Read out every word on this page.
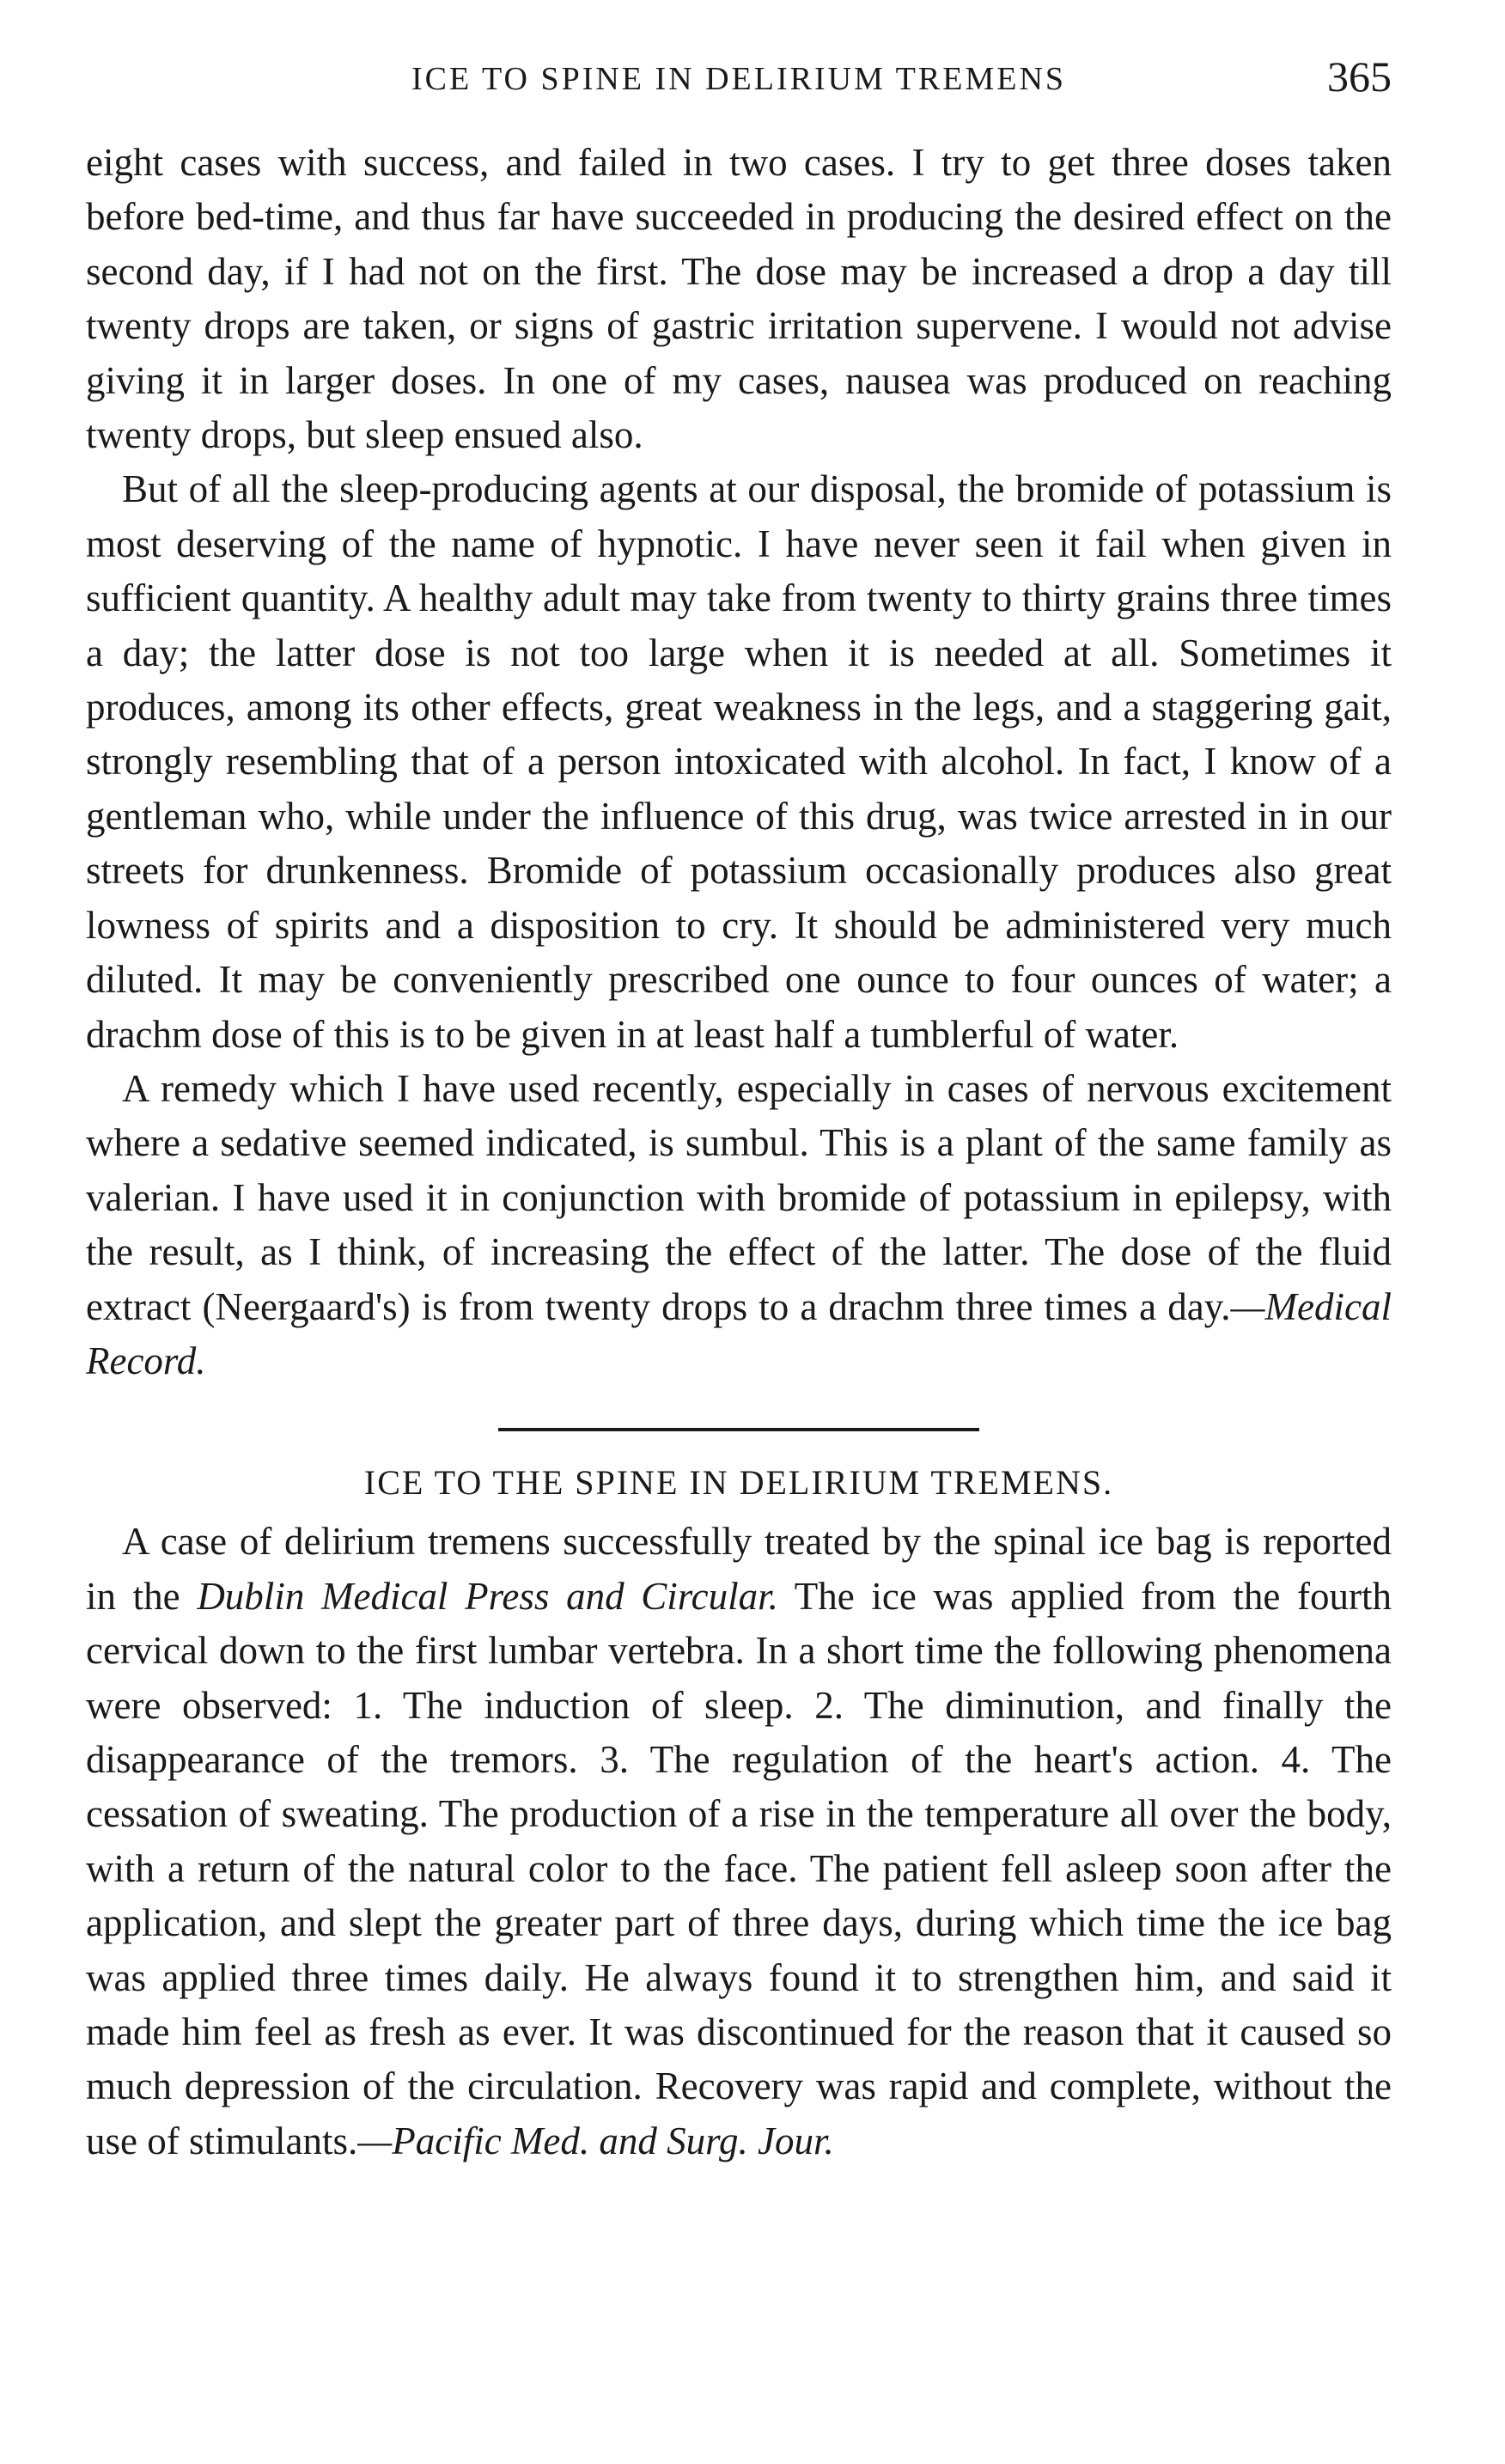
ICE TO SPINE IN DELIRIUM TREMENS	365

eight cases with success, and failed in two cases. I try to get three doses taken before bed-time, and thus far have succeeded in producing the desired effect on the second day, if I had not on the first. The dose may be increased a drop a day till twenty drops are taken, or signs of gastric irritation supervene. I would not advise giving it in larger doses. In one of my cases, nausea was produced on reaching twenty drops, but sleep ensued also.

But of all the sleep-producing agents at our disposal, the bromide of potassium is most deserving of the name of hypnotic. I have never seen it fail when given in sufficient quantity. A healthy adult may take from twenty to thirty grains three times a day; the latter dose is not too large when it is needed at all. Sometimes it produces, among its other effects, great weakness in the legs, and a staggering gait, strongly resembling that of a person intoxicated with alcohol. In fact, I know of a gentleman who, while under the influence of this drug, was twice arrested in in our streets for drunkenness. Bromide of potassium occasionally produces also great lowness of spirits and a disposition to cry. It should be administered very much diluted. It may be conveniently prescribed one ounce to four ounces of water; a drachm dose of this is to be given in at least half a tumblerful of water.

A remedy which I have used recently, especially in cases of nervous excitement where a sedative seemed indicated, is sumbul. This is a plant of the same family as valerian. I have used it in conjunction with bromide of potassium in epilepsy, with the result, as I think, of increasing the effect of the latter. The dose of the fluid extract (Neergaard's) is from twenty drops to a drachm three times a day.—Medical Record.

ICE TO THE SPINE IN DELIRIUM TREMENS.

A case of delirium tremens successfully treated by the spinal ice bag is reported in the Dublin Medical Press and Circular. The ice was applied from the fourth cervical down to the first lumbar vertebra. In a short time the following phenomena were observed: 1. The induction of sleep. 2. The diminution, and finally the disappearance of the tremors. 3. The regulation of the heart's action. 4. The cessation of sweating. The production of a rise in the temperature all over the body, with a return of the natural color to the face. The patient fell asleep soon after the application, and slept the greater part of three days, during which time the ice bag was applied three times daily. He always found it to strengthen him, and said it made him feel as fresh as ever. It was discontinued for the reason that it caused so much depression of the circulation. Recovery was rapid and complete, without the use of stimulants.—Pacific Med. and Surg. Jour.
